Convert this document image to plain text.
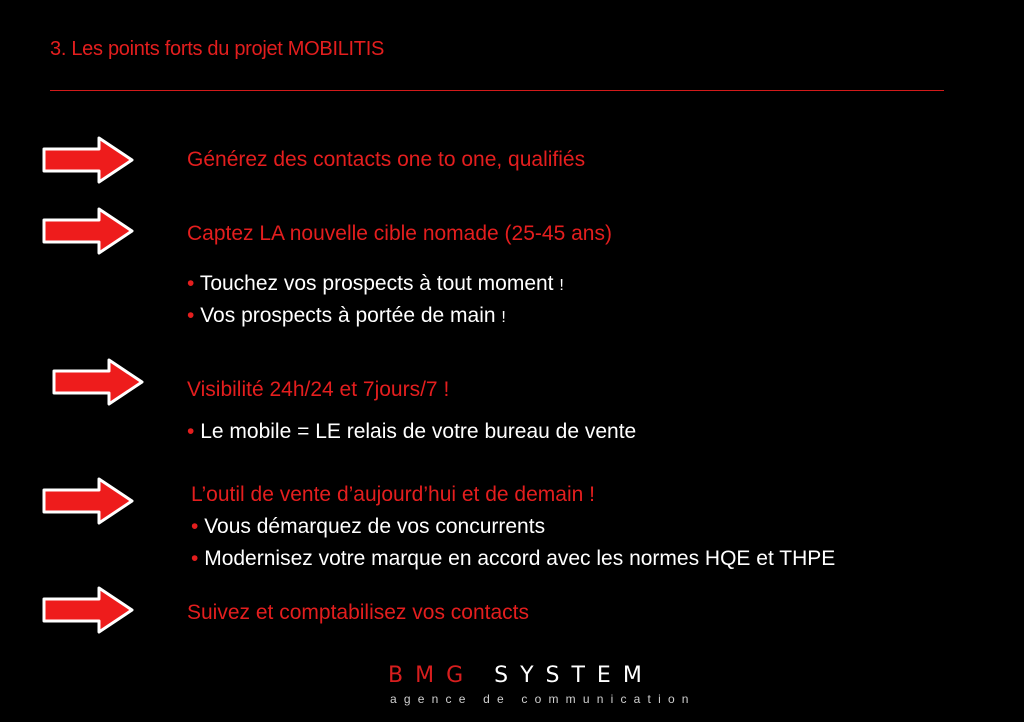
3. Les points forts du projet MOBILITIS
Générez des contacts one to one, qualifiés
Captez LA nouvelle cible nomade (25-45 ans)
• Touchez vos prospects à tout moment !
• Vos prospects à portée de main !
Visibilité 24h/24 et 7jours/7 !
• Le mobile = LE relais de votre bureau de vente
L’outil de vente d’aujourd’hui et de demain !
• Vous démarquez de vos concurrents
• Modernisez votre marque en accord avec les normes HQE et THPE
Suivez et comptabilisez vos contacts
BMG SYSTEM
agence de communication
